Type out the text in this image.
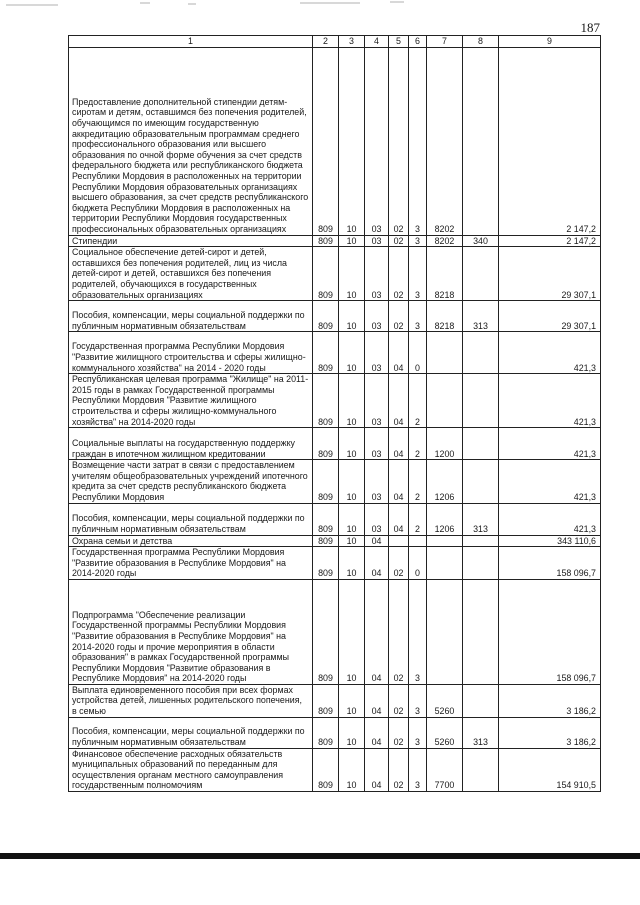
187
1	2	3	4	5	6	7	8	9
Предоставление дополнительной стипендии детям-сиротам и детям, оставшимся без попечения родителей, обучающимся по имеющим государственную аккредитацию образовательным программам среднего профессионального образования или высшего образования по очной форме обучения за счет средств федерального бюджета или республиканского бюджета Республики Мордовия в расположенных на территории Республики Мордовия образовательных организациях высшего образования, за счет средств республиканского бюджета Республики Мордовия в расположенных на территории Республики Мордовия государственных профессиональных образовательных организациях	809	10	03	02	3	8202		2 147,2
Стипендии	809	10	03	02	3	8202	340	2 147,2
Социальное обеспечение детей-сирот и детей, оставшихся без попечения родителей, лиц из числа детей-сирот и детей, оставшихся без попечения родителей, обучающихся в государственных образовательных организациях	809	10	03	02	3	8218		29 307,1
Пособия, компенсации, меры социальной поддержки по публичным нормативным обязательствам	809	10	03	02	3	8218	313	29 307,1
Государственная программа Республики Мордовия "Развитие жилищного строительства и сферы жилищно-коммунального хозяйства" на 2014 - 2020 годы	809	10	03	04	0			421,3
Республиканская целевая программа "Жилище" на 2011-2015 годы в рамках Государственной программы Республики Мордовия "Развитие жилищного строительства и сферы жилищно-коммунального хозяйства" на 2014-2020 годы	809	10	03	04	2			421,3
Социальные выплаты на государственную поддержку граждан в ипотечном жилищном кредитовании	809	10	03	04	2	1200		421,3
Возмещение части затрат в связи с предоставлением учителям общеобразовательных учреждений ипотечного кредита за счет средств республиканского бюджета Республики Мордовия	809	10	03	04	2	1206		421,3
Пособия, компенсации, меры социальной поддержки по публичным нормативным обязательствам	809	10	03	04	2	1206	313	421,3
Охрана семьи и детства	809	10	04					343 110,6
Государственная программа Республики Мордовия "Развитие образования в Республике Мордовия" на 2014-2020 годы	809	10	04	02	0			158 096,7
Подпрограмма "Обеспечение реализации Государственной программы Республики Мордовия "Развитие образования в Республике Мордовия" на 2014-2020 годы и прочие мероприятия в области образования" в рамках Государственной программы Республики Мордовия "Развитие образования в Республике Мордовия" на 2014-2020 годы	809	10	04	02	3			158 096,7
Выплата единовременного пособия при всех формах устройства детей, лишенных родительского попечения, в семью	809	10	04	02	3	5260		3 186,2
Пособия, компенсации, меры социальной поддержки по публичным нормативным обязательствам	809	10	04	02	3	5260	313	3 186,2
Финансовое обеспечение расходных обязательств муниципальных образований по переданным для осуществления органам местного самоуправления государственным полномочиям	809	10	04	02	3	7700		154 910,5
